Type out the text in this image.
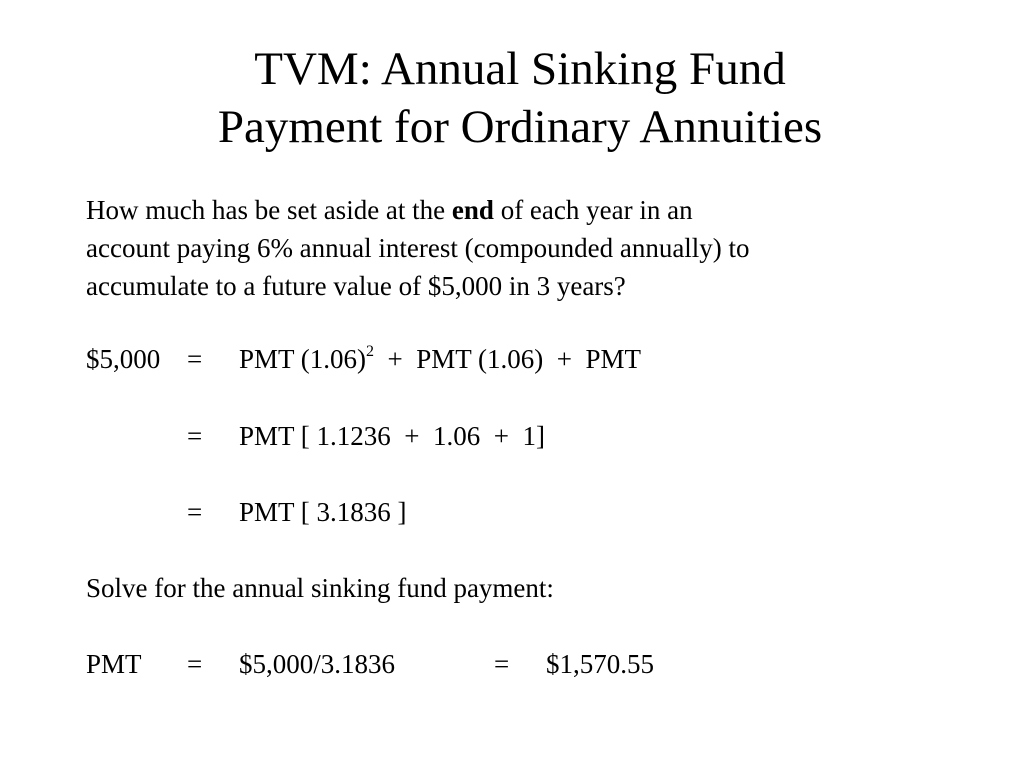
TVM: Annual Sinking Fund
Payment for Ordinary Annuities
How much has be set aside at the end of each year in an
account paying 6% annual interest (compounded annually) to
accumulate to a future value of $5,000 in 3 years?
$5,000 = PMT $(1.06)^2$  +  PMT (1.06)  +  PMT
= PMT [ 1.1236  +  1.06  +  1]
= PMT [ 3.1836 ]
Solve for the annual sinking fund payment:
PMT = $5,000/3.1836	= $1,570.55
